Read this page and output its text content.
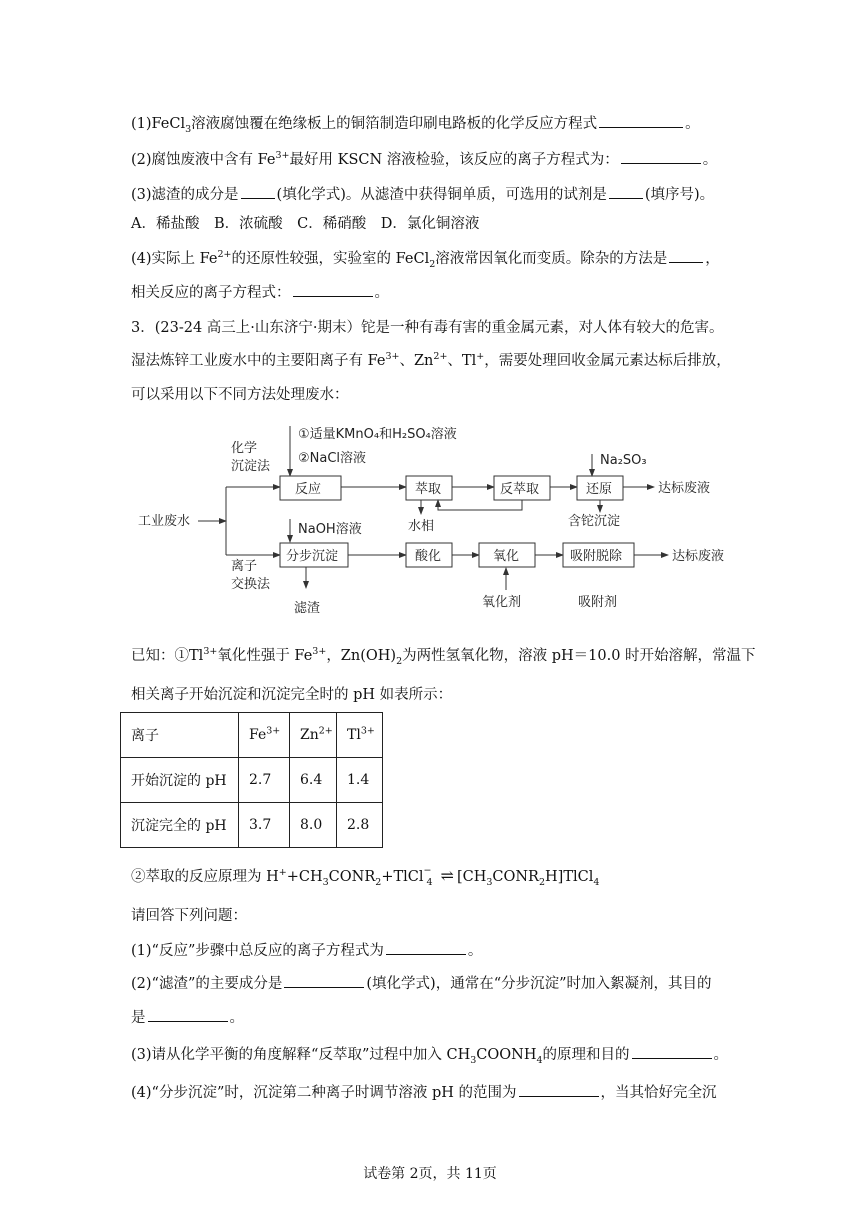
(1)FeCl$_3$溶液腐蚀覆在绝缘板上的铜箔制造印刷电路板的化学反应方程式	。
(2)腐蚀废液中含有 $Fe^{3+}$最好用 KSCN 溶液检验，该反应的离子方程式为：	。
(3)滤渣的成分是	(填化学式)。从滤渣中获得铜单质，可选用的试剂是	(填序号)。
A．稀盐酸　B．浓硫酸　C．稀硝酸　D．氯化铜溶液
(4)实际上 $Fe^{2+}$的还原性较强，实验室的 FeCl$_2$溶液常因氧化而变质。除杂的方法是	，
相关反应的离子方程式：	。
3．(23-24 高三上·山东济宁·期末）铊是一种有毒有害的重金属元素，对人体有较大的危害。
湿法炼锌工业废水中的主要阳离子有 $Fe^{3+}$、$Zn^{2+}$、Tl+，需要处理回收金属元素达标后排放，
可以采用以下不同方法处理废水：
①适量KMnO₄和H₂SO₄溶液
②NaCl溶液
工业废水
化学
沉淀法
离子
交换法
反应	萃取	反萃取	还原	达标废液
Na₂SO₃
水相	含铊沉淀
NaOH溶液
分步沉淀	酸化	氧化	吸附脱除	达标废液
滤渣	氧化剂	吸附剂
已知：$①Tl^{3+}$氧化性强于 $Fe^{3+}$，$Zn(OH)_2$为两性氢氧化物，溶液 pH＝10.0 时开始溶解，常温下
相关离子开始沉淀和沉淀完全时的 pH 如表所示：
离子	$Fe^{3+}$	$Zn^{2+}$	$Tl^{3+}$
开始沉淀的 pH	2.7	6.4	1.4
沉淀完全的 pH	3.7	8.0	2.8
②萃取的反应原理为 $H^++CH_3CONR_2+TlCl^-_4$ ⇌ $[CH_3CONR_2H]TlCl_4$
请回答下列问题：
(1)“反应”步骤中总反应的离子方程式为	。
(2)“滤渣”的主要成分是	(填化学式)，通常在“分步沉淀”时加入絮凝剂，其目的
是	。
(3)请从化学平衡的角度解释“反萃取”过程中加入 $CH_3COONH_4$的原理和目的	。
(4)“分步沉淀”时，沉淀第二种离子时调节溶液 pH 的范围为	，当其恰好完全沉
试卷第 2页，共 11页
